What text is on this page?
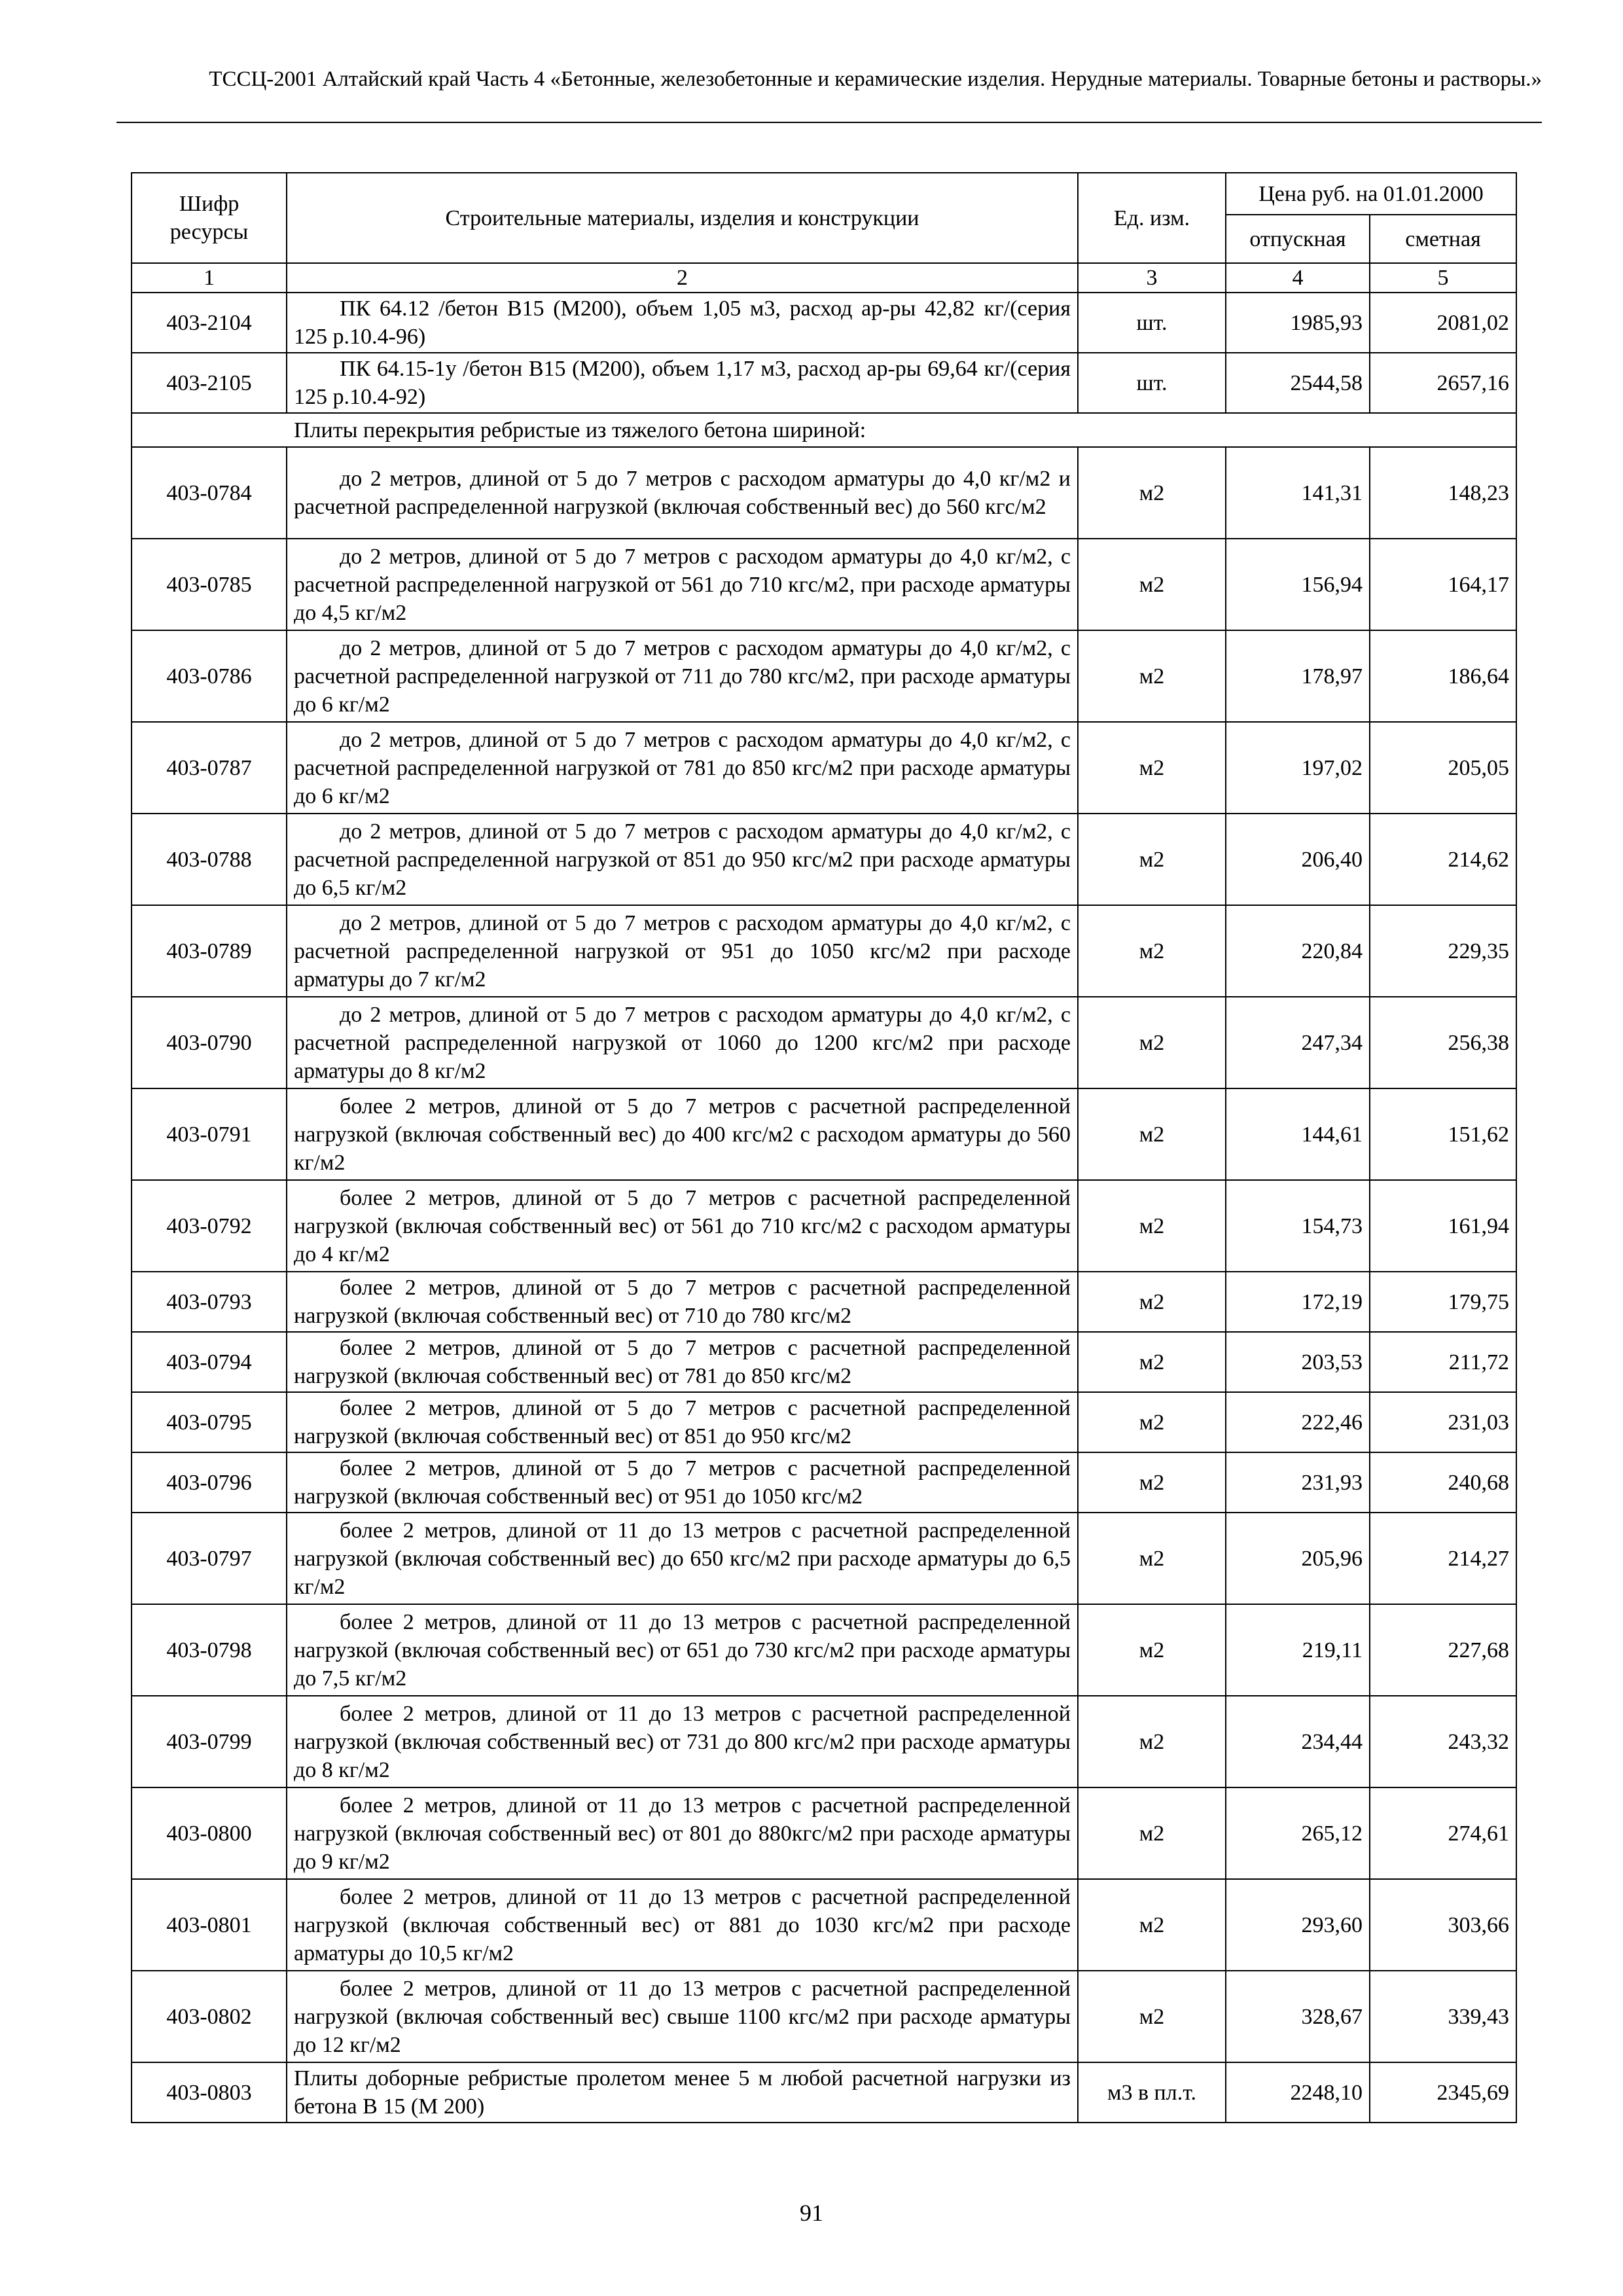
ТССЦ-2001 Алтайский край Часть 4 «Бетонные, железобетонные и керамические изделия. Нерудные материалы. Товарные бетоны и растворы.»
Шифр ресурсы	Строительные материалы, изделия и конструкции	Ед. изм.	Цена руб. на 01.01.2000	
			отпускная	сметная
1	2	3	4	5
403-2104	ПК 64.12 /бетон В15 (М200), объем 1,05 м3, расход ар-ры 42,82 кг/(серия 125 р.10.4-96)	шт.	1985,93	2081,02
403-2105	ПК 64.15-1у /бетон В15 (М200), объем 1,17 м3, расход ар-ры 69,64 кг/(серия 125 р.10.4-92)	шт.	2544,58	2657,16
Плиты перекрытия ребристые из тяжелого бетона шириной:				
403-0784	до 2 метров, длиной от 5 до 7 метров с расходом арматуры до 4,0 кг/м2 и расчетной распределенной нагрузкой (включая собственный вес) до 560 кгс/м2	м2	141,31	148,23
403-0785	до 2 метров, длиной от 5 до 7 метров с расходом арматуры до 4,0 кг/м2, с расчетной распределенной нагрузкой от 561 до 710 кгс/м2, при расходе арматуры до 4,5 кг/м2	м2	156,94	164,17
403-0786	до 2 метров, длиной от 5 до 7 метров с расходом арматуры до 4,0 кг/м2, с расчетной распределенной нагрузкой от 711 до 780 кгс/м2, при расходе арматуры до 6 кг/м2	м2	178,97	186,64
403-0787	до 2 метров, длиной от 5 до 7 метров с расходом арматуры до 4,0 кг/м2, с расчетной распределенной нагрузкой от 781 до 850 кгс/м2 при расходе арматуры до 6 кг/м2	м2	197,02	205,05
403-0788	до 2 метров, длиной от 5 до 7 метров с расходом арматуры до 4,0 кг/м2, с расчетной распределенной нагрузкой от 851 до 950 кгс/м2 при расходе арматуры до 6,5 кг/м2	м2	206,40	214,62
403-0789	до 2 метров, длиной от 5 до 7 метров с расходом арматуры до 4,0 кг/м2, с расчетной распределенной нагрузкой от 951 до 1050 кгс/м2 при расходе арматуры до 7 кг/м2	м2	220,84	229,35
403-0790	до 2 метров, длиной от 5 до 7 метров с расходом арматуры до 4,0 кг/м2, с расчетной распределенной нагрузкой от 1060 до 1200 кгс/м2 при расходе арматуры до 8 кг/м2	м2	247,34	256,38
403-0791	более 2 метров, длиной от 5 до 7 метров с расчетной распределенной нагрузкой (включая собственный вес) до 400 кгс/м2 с расходом арматуры до 560 кг/м2	м2	144,61	151,62
403-0792	более 2 метров, длиной от 5 до 7 метров с расчетной распределенной нагрузкой (включая собственный вес) от 561 до 710 кгс/м2 с расходом арматуры до 4 кг/м2	м2	154,73	161,94
403-0793	более 2 метров, длиной от 5 до 7 метров с расчетной распределенной нагрузкой (включая собственный вес) от 710 до 780 кгс/м2	м2	172,19	179,75
403-0794	более 2 метров, длиной от 5 до 7 метров с расчетной распределенной нагрузкой (включая собственный вес) от 781 до 850 кгс/м2	м2	203,53	211,72
403-0795	более 2 метров, длиной от 5 до 7 метров с расчетной распределенной нагрузкой (включая собственный вес) от 851 до 950 кгс/м2	м2	222,46	231,03
403-0796	более 2 метров, длиной от 5 до 7 метров с расчетной распределенной нагрузкой (включая собственный вес) от 951 до 1050 кгс/м2	м2	231,93	240,68
403-0797	более 2 метров, длиной от 11 до 13 метров с расчетной распределенной нагрузкой (включая собственный вес) до 650 кгс/м2 при расходе арматуры до 6,5 кг/м2	м2	205,96	214,27
403-0798	более 2 метров, длиной от 11 до 13 метров с расчетной распределенной нагрузкой (включая собственный вес) от 651 до 730 кгс/м2 при расходе арматуры до 7,5 кг/м2	м2	219,11	227,68
403-0799	более 2 метров, длиной от 11 до 13 метров с расчетной распределенной нагрузкой (включая собственный вес) от 731 до 800 кгс/м2 при расходе арматуры до 8 кг/м2	м2	234,44	243,32
403-0800	более 2 метров, длиной от 11 до 13 метров с расчетной распределенной нагрузкой (включая собственный вес) от 801 до 880кгс/м2 при расходе арматуры до 9 кг/м2	м2	265,12	274,61
403-0801	более 2 метров, длиной от 11 до 13 метров с расчетной распределенной нагрузкой (включая собственный вес) от 881 до 1030 кгс/м2 при расходе арматуры до 10,5 кг/м2	м2	293,60	303,66
403-0802	более 2 метров, длиной от 11 до 13 метров с расчетной распределенной нагрузкой (включая собственный вес) свыше 1100 кгс/м2 при расходе арматуры до 12 кг/м2	м2	328,67	339,43
403-0803	Плиты доборные ребристые пролетом менее 5 м любой расчетной нагрузки из бетона В 15 (М 200)	м3 в пл.т.	2248,10	2345,69
91
